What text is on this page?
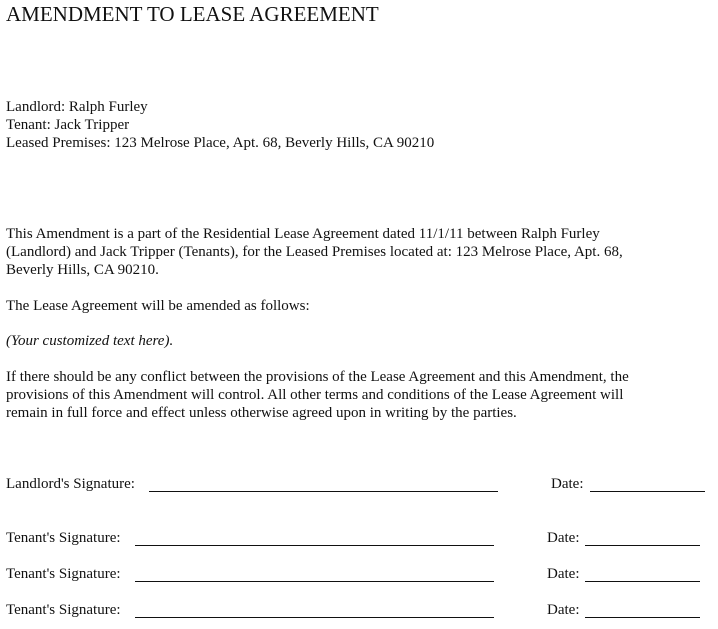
AMENDMENT TO LEASE AGREEMENT
Landlord: Ralph Furley
Tenant: Jack Tripper
Leased Premises: 123 Melrose Place, Apt. 68, Beverly Hills, CA 90210
This Amendment is a part of the Residential Lease Agreement dated 11/1/11 between Ralph Furley
(Landlord) and Jack Tripper (Tenants), for the Leased Premises located at: 123 Melrose Place, Apt. 68,
Beverly Hills, CA 90210.
The Lease Agreement will be amended as follows:
(Your customized text here).
If there should be any conflict between the provisions of the Lease Agreement and this Amendment, the
provisions of this Amendment will control. All other terms and conditions of the Lease Agreement will
remain in full force and effect unless otherwise agreed upon in writing by the parties.
Landlord's Signature:	Date:
Tenant's Signature:	Date:
Tenant's Signature:	Date:
Tenant's Signature:	Date:
